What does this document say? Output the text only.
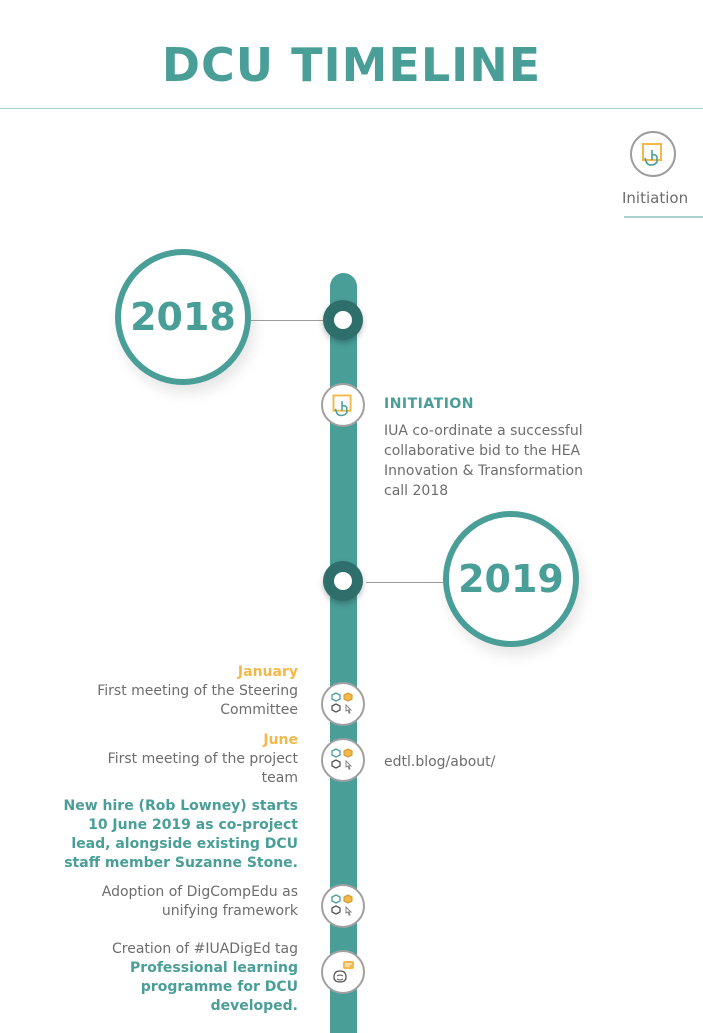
DCU TIMELINE
Initiation
2018
INITIATION
IUA co-ordinate a successful
collaborative bid to the HEA
Innovation & Transformation
call 2018
2019
January
First meeting of the Steering
Committee
June
First meeting of the project
team
edtl.blog/about/
New hire (Rob Lowney) starts
10 June 2019 as co-project
lead, alongside existing DCU
staff member Suzanne Stone.
Adoption of DigCompEdu as
unifying framework
Creation of #IUADigEd tag
Professional learning
programme for DCU
developed.
